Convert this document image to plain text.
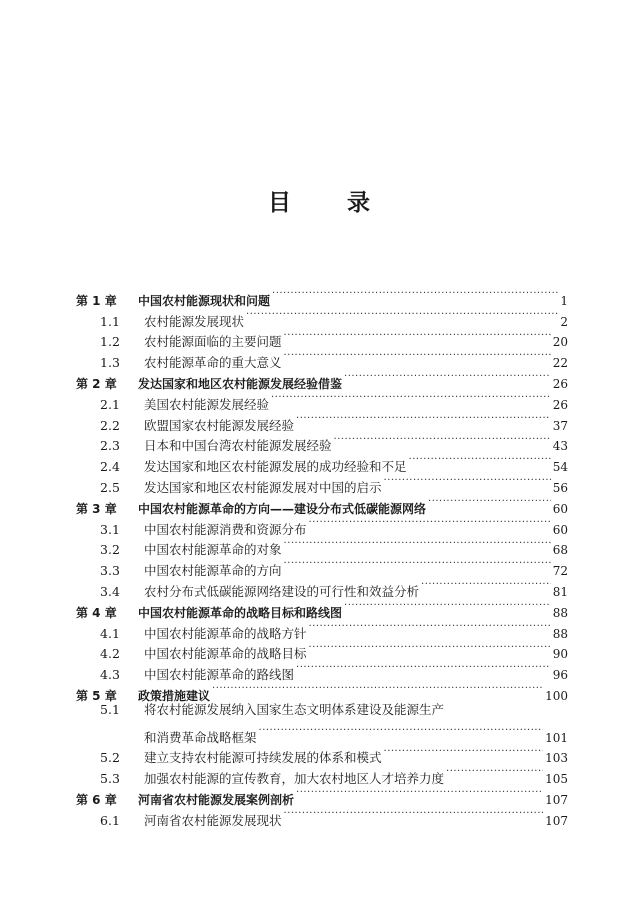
目 录
第 1 章	中国农村能源现状和问题 ·····	1
1.1	农村能源发展现状 ·····	2
1.2	农村能源面临的主要问题 ·····	20
1.3	农村能源革命的重大意义 ·····	22
第 2 章	发达国家和地区农村能源发展经验借鉴 ·····	26
2.1	美国农村能源发展经验 ·····	26
2.2	欧盟国家农村能源发展经验 ·····	37
2.3	日本和中国台湾农村能源发展经验 ·····	43
2.4	发达国家和地区农村能源发展的成功经验和不足 ·····	54
2.5	发达国家和地区农村能源发展对中国的启示 ·····	56
第 3 章	中国农村能源革命的方向——建设分布式低碳能源网络 ·····	60
3.1	中国农村能源消费和资源分布 ·····	60
3.2	中国农村能源革命的对象 ·····	68
3.3	中国农村能源革命的方向 ·····	72
3.4	农村分布式低碳能源网络建设的可行性和效益分析 ·····	81
第 4 章	中国农村能源革命的战略目标和路线图 ·····	88
4.1	中国农村能源革命的战略方针 ·····	88
4.2	中国农村能源革命的战略目标 ·····	90
4.3	中国农村能源革命的路线图 ·····	96
第 5 章	政策措施建议 ·····	100
5.1	将农村能源发展纳入国家生态文明体系建设及能源生产
和消费革命战略框架 ·····	101
5.2	建立支持农村能源可持续发展的体系和模式 ·····	103
5.3	加强农村能源的宣传教育，加大农村地区人才培养力度 ·····	105
第 6 章	河南省农村能源发展案例剖析 ·····	107
6.1	河南省农村能源发展现状 ·····	107
